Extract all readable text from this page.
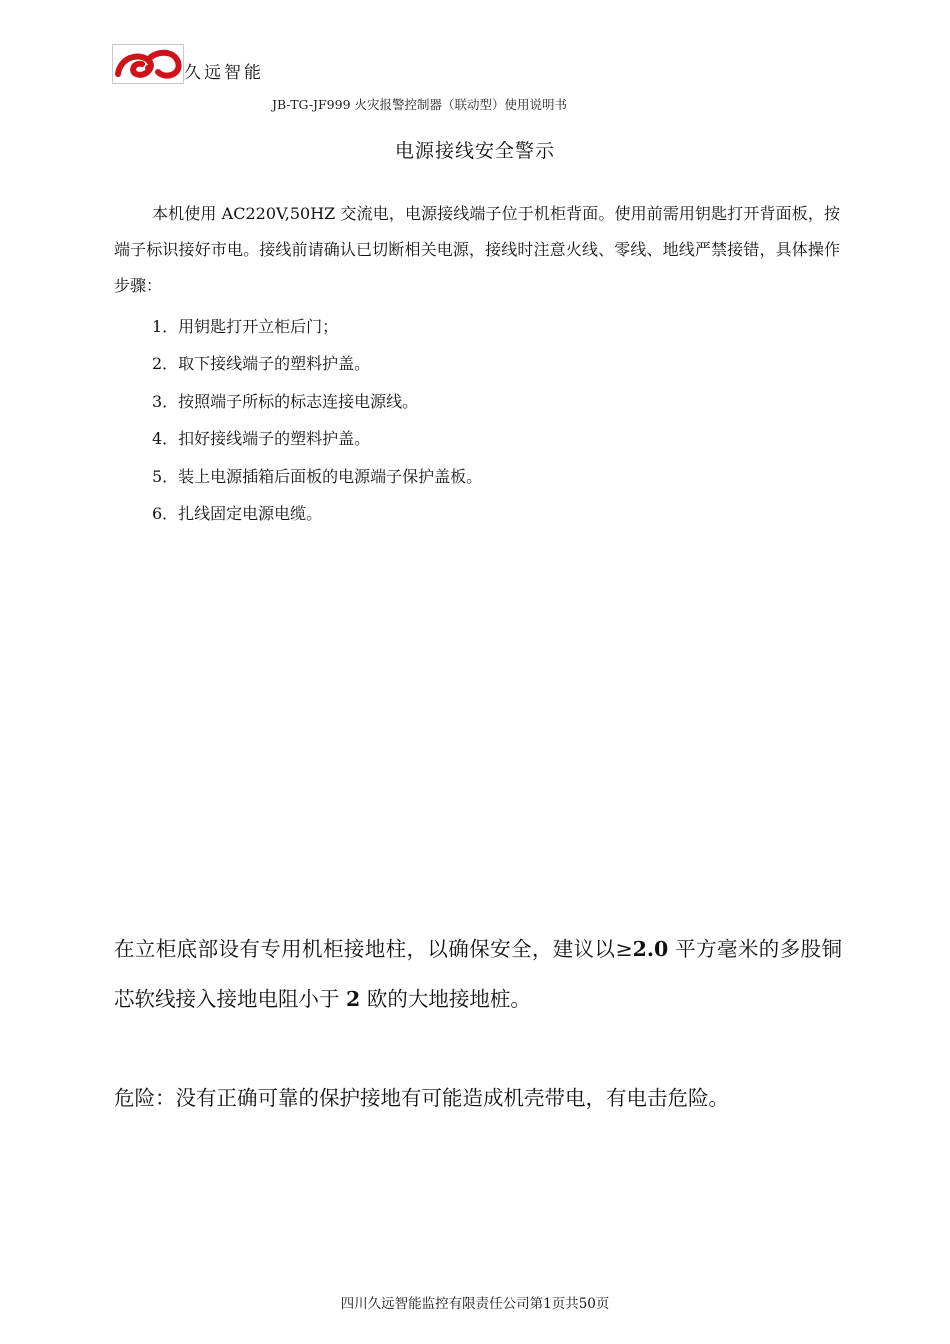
久远智能
JB-TG-JF999 火灾报警控制器（联动型）使用说明书
电源接线安全警示

本机使用 AC220V,50HZ 交流电，电源接线端子位于机柜背面。使用前需用钥匙打开背面板，按端子标识接好市电。接线前请确认已切断相关电源，接线时注意火线、零线、地线严禁接错，具体操作步骤：

1．用钥匙打开立柜后门；
2．取下接线端子的塑料护盖。
3．按照端子所标的标志连接电源线。
4．扣好接线端子的塑料护盖。
5．装上电源插箱后面板的电源端子保护盖板。
6．扎线固定电源电缆。

在立柜底部设有专用机柜接地柱，以确保安全，建议以≥2.0 平方毫米的多股铜芯软线接入接地电阻小于 2 欧的大地接地桩。

危险：没有正确可靠的保护接地有可能造成机壳带电，有电击危险。

四川久远智能监控有限责任公司第1页共50页
